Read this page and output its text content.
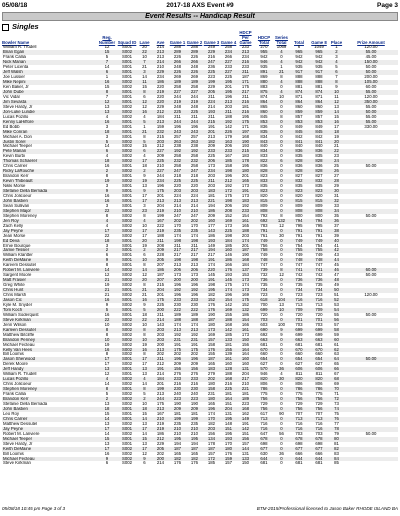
05/08/18	2017-18 AXS Event #9	Page 3
Event Results -- Handicap Result
Singles
Bowler Name	Reg. Number	Squad ID	Lane	Ave	Game 1	Game 2	Game 3	Game 4	HDCP Per Game	HDCP Total	Series Total	Total	Game 8	Place	Prize Amount
William R. Trudell	12	S001	20	214	288	288	249	258	233	270	1069	6	1049	1	120.00
Brian Egan	15	S002	22	213	289	289	229	234	213	955	4	965	965	2	55.00
Frank Callia	5	S001	10	213	226	226	216	266	234	942	0	942	942	3	45.00
Nick Marian	7	S001	7	214	266	266	247	227	216	946	4	942	942	4	150.00
Peter Licenta	14	S001	21	210	248	248	236	233	233	935	1	935	935	5	50.00
Jeff Walsh	6	S001	3	229	226	226	225	227	211	891	21	917	917	6	50.00
Joe Lussier	1	S001	14	234	269	269	223	225	187	869	8	888	888	7	200.00
Mike Nepini	16	S002	11	186	189	189	199	195	171	880	4	888	888	8	105.00
Ken Baker, Jr	15	S002	15	220	258	258	229	201	175	883	0	881	881	9	60.00
John Dube	8	S001	8	219	227	227	205	195	217	875	4	874	874	10	55.00
Vic Vidal	7	S001	6	220	244	244	211	196	211	874	10	871	871	11	120.00
Jim Sevasta	12	S001	12	220	219	219	224	213	216	864	0	864	864	12	350.00
Steve Hardy, Jr	13	S002	12	229	248	248	214	203	181	865	0	860	860	13	55.00
Jon-Luke Lundie	13	S002	16	212	225	225	193	211	216	860	0	859	859	14	50.00
Lucas Pozillo	4	S002	4	184	211	211	211	188	195	845	8	857	857	15	55.00
Kenny LaHiffore	16	S001	5	213	244	244	215	192	175	853	0	853	853	16	55.00
Ed Bobb	3	S001	1	159	196	196	191	142	171	836	0	849	849	17	330.00
Mike Conran	18	S001	21	232	243	243	201	226	197	835	0	845	845	18	
Michael A. Don	3	S001	8	215	257	257	213	179	168	834	0	842	842	19	
Justin Sorel	5	S002	5	203	263	263	182	163	190	843	0	841	841	20	
Michael Teeper	14	S002	15	212	238	238	209	206	193	840	0	840	840	21	
Pete Marian	6	S002	6	227	192	192	233	233	215	834	0	836	836	22	
Kevin Burbi	4	S002	4	209	258	258	225	167	183	833	0	835	835	23	
Thomas Schaerer	18	S002	17	225	232	232	206	185	178	822	6	828	828	24	
Chris Carrier	16	S001	18	210	258	258	173	158	195	836	0	836	836	25	50.00
Ricky LaRouche	2	S002	2	227	247	247	234	198	180	828	0	828	828	26	
Brandon Kerr	8	S001	9	244	218	218	203	196	201	823	0	827	827	27	
Kevin Thibeault	19	S002	19	234	225	225	211	212	165	833	0	832	832	28	
Nikki Morse	3	S001	13	196	220	220	203	192	173	835	0	835	835	29	
Stefanie Della Bernada	9	S001	9	175	203	203	183	172	191	823	0	823	823	30	
Chris Jolicoeur	16	S001	17	201	224	224	181	175	173	820	0	820	820	31	
John Bastien	16	S001	17	213	213	213	221	198	183	815	0	815	815	32	
Sean Sullivan	3	S001	3	204	214	214	194	206	192	809	0	809	809	33	
Stephen Major	22	S002	23	219	210	210	186	208	233	808	0	808	808	34	
Stephen Moreney	8	S002	8	199	247	247	209	152	154	792	8	800	800	35	50.00
Jen Roy	4	S002	4	167	202	202	160	169	161	692	132	794	794	36	
Zach Kelly	4	S002	10	222	170	170	177	173	165	783	12	795	795	37	
Jay Peyne	17	S002	17	219	235	235	143	225	188	791	0	791	791	38	
Jean Morse	22	S002	17	188	174	174	186	198	203	761	30	791	791	39	
Ed Deva	18	S001	20	211	198	198	193	184	174	749	0	749	749	40	
Ernie Bourque	3	S001	19	208	211	211	149	185	201	756	0	754	754	41	
Jamie Tessier	2	S001	2	209	217	217	194	160	187	758	0	755	755	42	
William Klantter	6	S001	6	228	217	217	217	146	190	749	0	749	749	43	
Keith DeMaine	9	S001	10	205	198	198	191	186	168	748	0	748	748	44	
Kareem Dessutel	8	S001	8	207	213	213	174	166	184	747	0	747	747	45	
Robert M. Lanviere	14	S002	14	186	206	206	220	176	137	739	8	741	741	46	60.00
Sargent Moore	12	S002	12	187	173	173	145	193	153	732	12	742	742	47	50.00
Matt Frasier	21	S002	20	207	200	200	191	145	173	736	0	736	736	48	
Greg White	19	S002	8	215	196	196	198	175	174	735	0	735	735	49	
Chris Hunt	21	S001	21	204	192	192	195	174	173	734	0	734	734	50	
Chris Marsh	21	S002	21	201	196	196	182	196	169	723	0	723	723	51	120.00
Jason Cic	16	S001	16	175	233	233	152	154	175	618	104	716	716	52	
Kyle M. Snyder	9	S002	9	225	230	230	176	142	152	700	13	713	713	53	
Tom Koch	5	S001	5	200	222	222	176	169	132	699	10	709	709	54	
William Soderquist	16	S001	18	211	189	189	190	155	186	720	0	720	720	55	50.00
Steve Kirkman	22	S002	22	214	188	188	187	188	154	703	0	701	701	56	
Jenn Wilson	10	S002	10	143	174	174	180	168	166	603	100	703	703	57	
Karleen Dessutel	8	S002	8	203	213	213	173	142	161	690	9	699	699	58	
Matthew Bitcliffe	8	S002	8	203	192	192	169	185	173	692	9	699	699	59	
Brandon Penney	10	S002	10	203	231	231	157	133	150	663	0	663	663	60	
Michael Fecteau	19	S002	19	200	191	191	158	181	156	681	0	681	681	61	
Kelly Van Hees	16	S002	16	213	175	175	176	155	164	670	0	670	670	62	
Bill Loomis	8	S002	8	202	202	202	155	139	164	660	0	660	660	63	
Jason Sherwood	17	S001	17	211	196	196	187	161	160	654	0	654	654	64	50.00
Derek Moore	17	S002	17	212	209	209	165	160	160	627	0	627	627	65	
Jeff Handy	13	S001	13	191	156	156	183	128	131	570	36	606	606	66	
William R. Trudell	12	S001	13	214	276	276	279	188	204	946	4	811	811	67	
Lucas Pozillo	4	S002	4	184	233	233	202	168	217	820	30	820	820	68	
Chris Jolicoeur	14	S002	14	201	216	216	180	216	210	806	0	806	806	69	
Stephen Moreney	8	S001	8	199	230	230	158	225	221	786	0	786	786	70	
Frank Callia	5	S002	5	213	240	240	231	181	181	775	0	775	775	71	
Brandon Kerr	2	S002	2	244	223	223	180	164	189	756	0	756	756	72	
Stefanie Della Bernada	13	S002	10	175	190	190	165	151	223	729	0	729	729	73	
John Bastien	18	S001	18	213	209	209	196	204	168	756	0	756	756	74	
Leo Roy	15	S001	15	167	181	181	174	131	162	617	90	707	707	75	
Chris Carrier	14	S001	14	210	199	199	170	195	149	713	0	713	713	76	
Matthew Dessutel	13	S002	13	219	235	235	182	148	191	716	0	716	716	77	
Jay Peyne	17	S001	17	219	210	210	203	151	142	716	0	716	716	78	
Robert M. Lanviere	14	S002	14	186	210	210	156	195	151	647	56	703	703	79	50.00
Michael Teeper	15	S001	15	212	195	195	134	193	156	678	0	678	678	80	
Steve Hardy, Jr	13	S001	13	229	194	194	178	170	157	698	0	698	698	81	
Keith DeMaine	17	S002	17	205	187	187	187	180	144	677	0	677	677	82	
Bill Loomis	16	S002	12	202	165	165	157	176	131	630	36	666	666	83	
Michael Fecteau	9	S002	9	200	182	182	172	159	133	644	0	644	644	84	
Steve Kirkman	6	S002	6	214	176	176	185	157	150	681	0	681	681	85	
05/08/18 10:45 pm Page 3 of 3	BTM-2015/Professional licensed to Jason Baker RHODE ISLAND BA
